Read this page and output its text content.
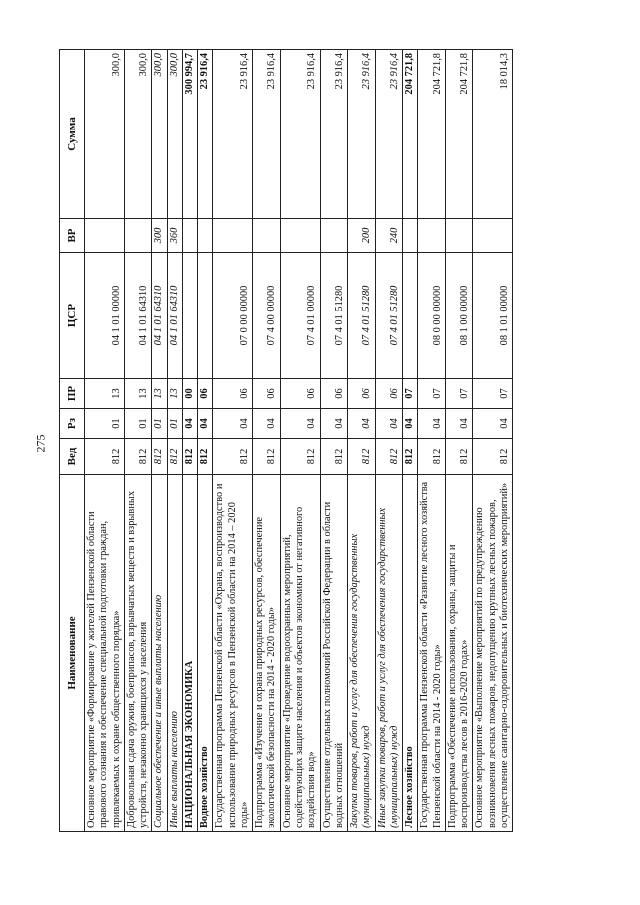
275
Наименование	Вед	Рз	ПР	ЦСР	ВР	Сумма
Основное мероприятие «Формирование у жителей Пензенской области правового сознания и обеспечение специальной подготовки граждан, привлекаемых к охране общественного порядка»	812	01	13	04 1 01 00000		300,0
Добровольная сдача оружия, боеприпасов, взрывчатых веществ и взрывных устройств, незаконно хранящихся у населения	812	01	13	04 1 01 64310		300,0
Социальное обеспечение и иные выплаты населению	812	01	13	04 1 01 64310	300	300,0
Иные выплаты населению	812	01	13	04 1 01 64310	360	300,0
НАЦИОНАЛЬНАЯ ЭКОНОМИКА	812	04	00			300 994,7
Водное хозяйство	812	04	06			23 916,4
Государственная программа Пензенской области «Охрана, воспроизводство и использование природных ресурсов в Пензенской области на 2014 – 2020 годы»	812	04	06	07 0 00 00000		23 916,4
Подпрограмма «Изучение и охрана природных ресурсов, обеспечение экологической безопасности на 2014 - 2020 годы»	812	04	06	07 4 00 00000		23 916,4
Основное мероприятие «Проведение водоохранных мероприятий, содействующих защите населения и объектов экономики от негативного воздействия вод»	812	04	06	07 4 01 00000		23 916,4
Осуществление отдельных полномочий Российской Федерации в области водных отношений	812	04	06	07 4 01 51280		23 916,4
Закупка товаров, работ и услуг для обеспечения государственных (муниципальных) нужд	812	04	06	07 4 01 51280	200	23 916,4
Иные закупки товаров, работ и услуг для обеспечения государственных (муниципальных) нужд	812	04	06	07 4 01 51280	240	23 916,4
Лесное хозяйство	812	04	07			204 721,8
Государственная программа Пензенской области «Развитие лесного хозяйства Пензенской области на 2014 - 2020 годы»	812	04	07	08 0 00 00000		204 721,8
Подпрограмма «Обеспечение использования, охраны, защиты и воспроизводства лесов в 2016-2020 годах»	812	04	07	08 1 00 00000		204 721,8
Основное мероприятие «Выполнение мероприятий по предупреждению возникновения лесных пожаров, недопущению крупных лесных пожаров, осуществление санитарно-оздоровительных и биотехнических мероприятий»	812	04	07	08 1 01 00000		18 014,3
